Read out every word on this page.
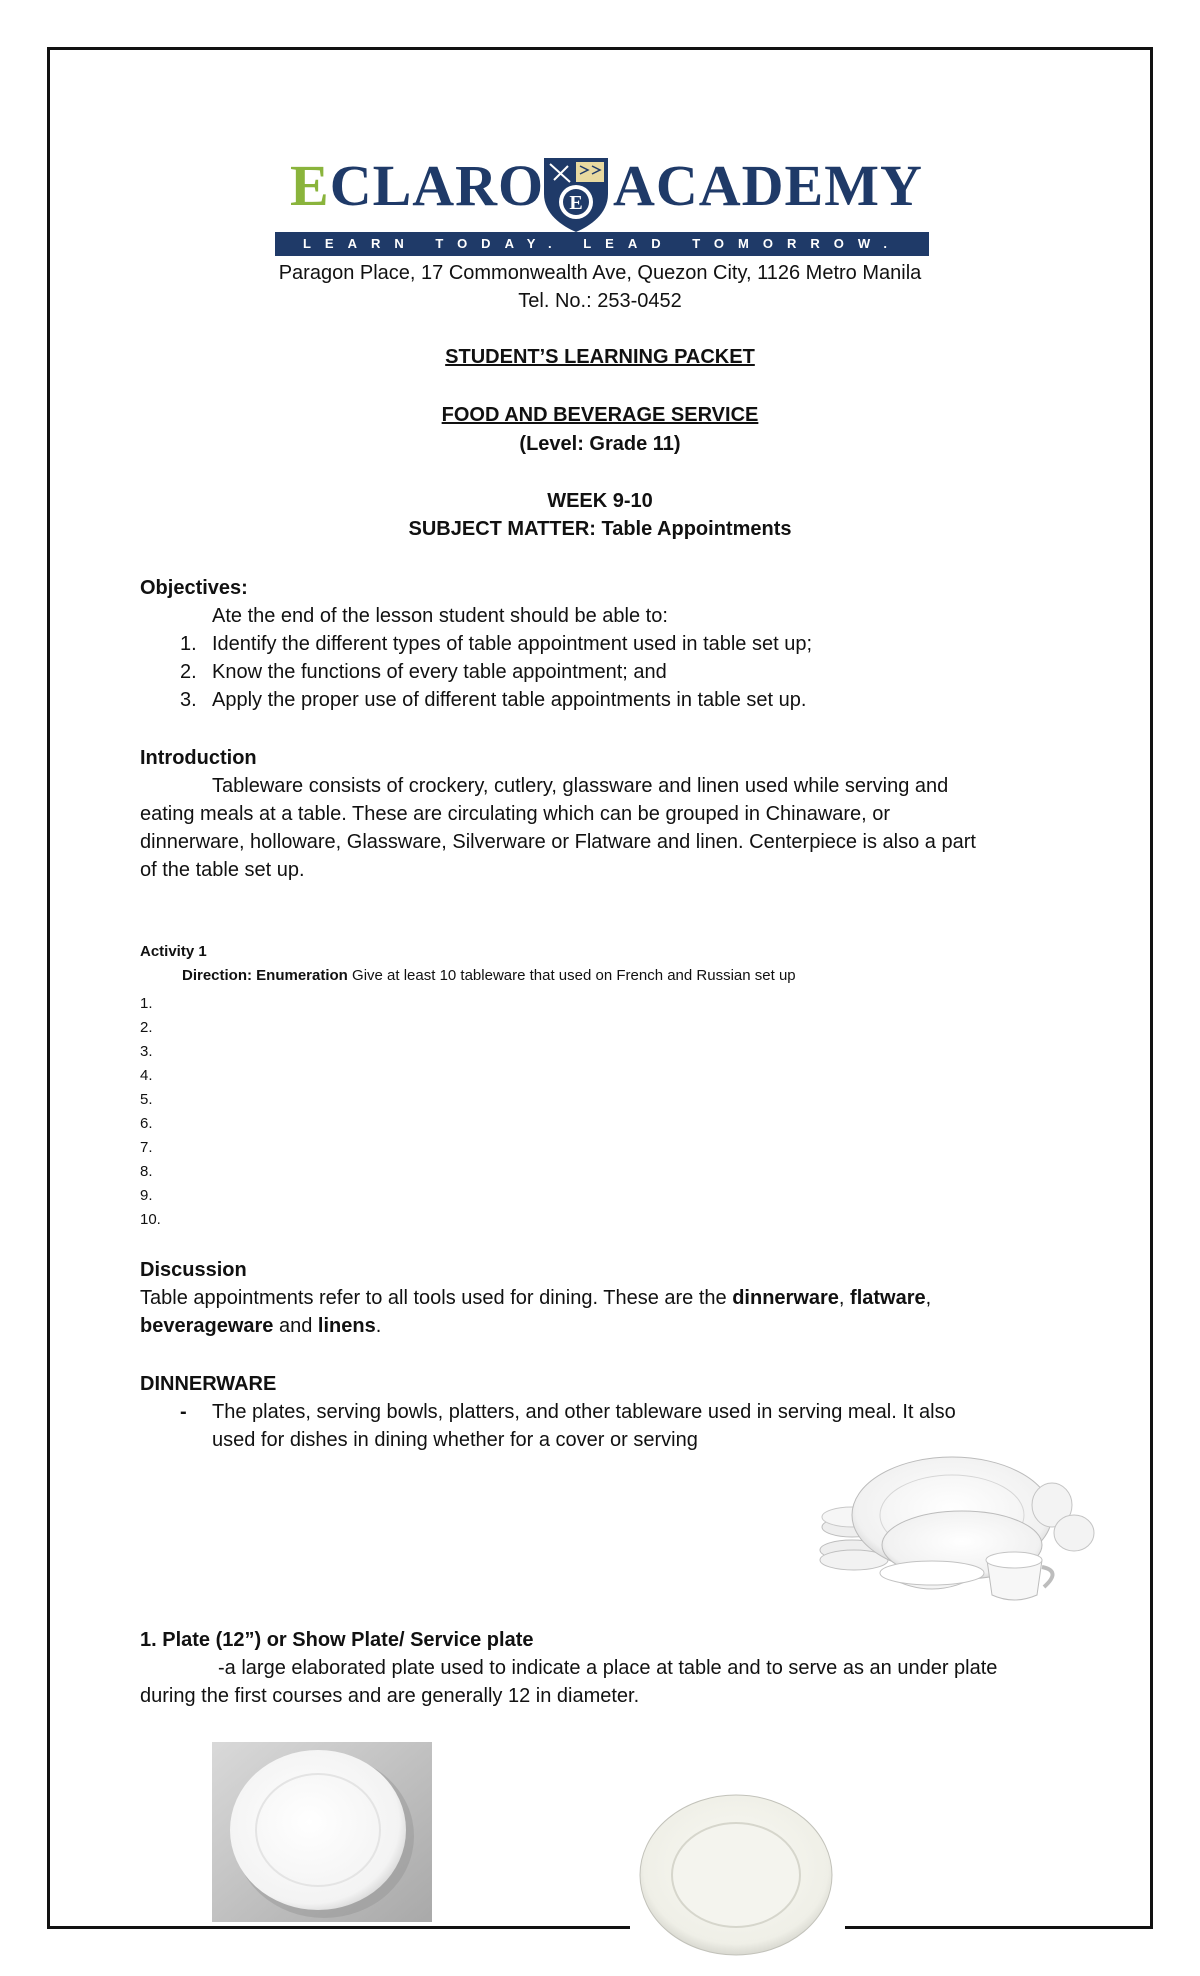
ECLARO E ACADEMY
LEARN TODAY. LEAD TOMORROW.
Paragon Place, 17 Commonwealth Ave, Quezon City, 1126 Metro Manila
Tel. No.: 253-0452
STUDENT’S LEARNING PACKET
FOOD AND BEVERAGE SERVICE
(Level: Grade 11)
WEEK 9-10
SUBJECT MATTER: Table Appointments
Objectives:
Ate the end of the lesson student should be able to:
1. Identify the different types of table appointment used in table set up;
2. Know the functions of every table appointment; and
3. Apply the proper use of different table appointments in table set up.
Introduction
Tableware consists of crockery, cutlery, glassware and linen used while serving and
eating meals at a table. These are circulating which can be grouped in Chinaware, or
dinnerware, holloware, Glassware, Silverware or Flatware and linen. Centerpiece is also a part
of the table set up.
Activity 1
Direction: Enumeration Give at least 10 tableware that used on French and Russian set up
1.
2.
3.
4.
5.
6.
7.
8.
9.
10.
Discussion
Table appointments refer to all tools used for dining. These are the dinnerware, flatware,
beverageware and linens.
DINNERWARE
- The plates, serving bowls, platters, and other tableware used in serving meal. It also
used for dishes in dining whether for a cover or serving
1. Plate (12”) or Show Plate/ Service plate
-a large elaborated plate used to indicate a place at table and to serve as an under plate
during the first courses and are generally 12 in diameter.
